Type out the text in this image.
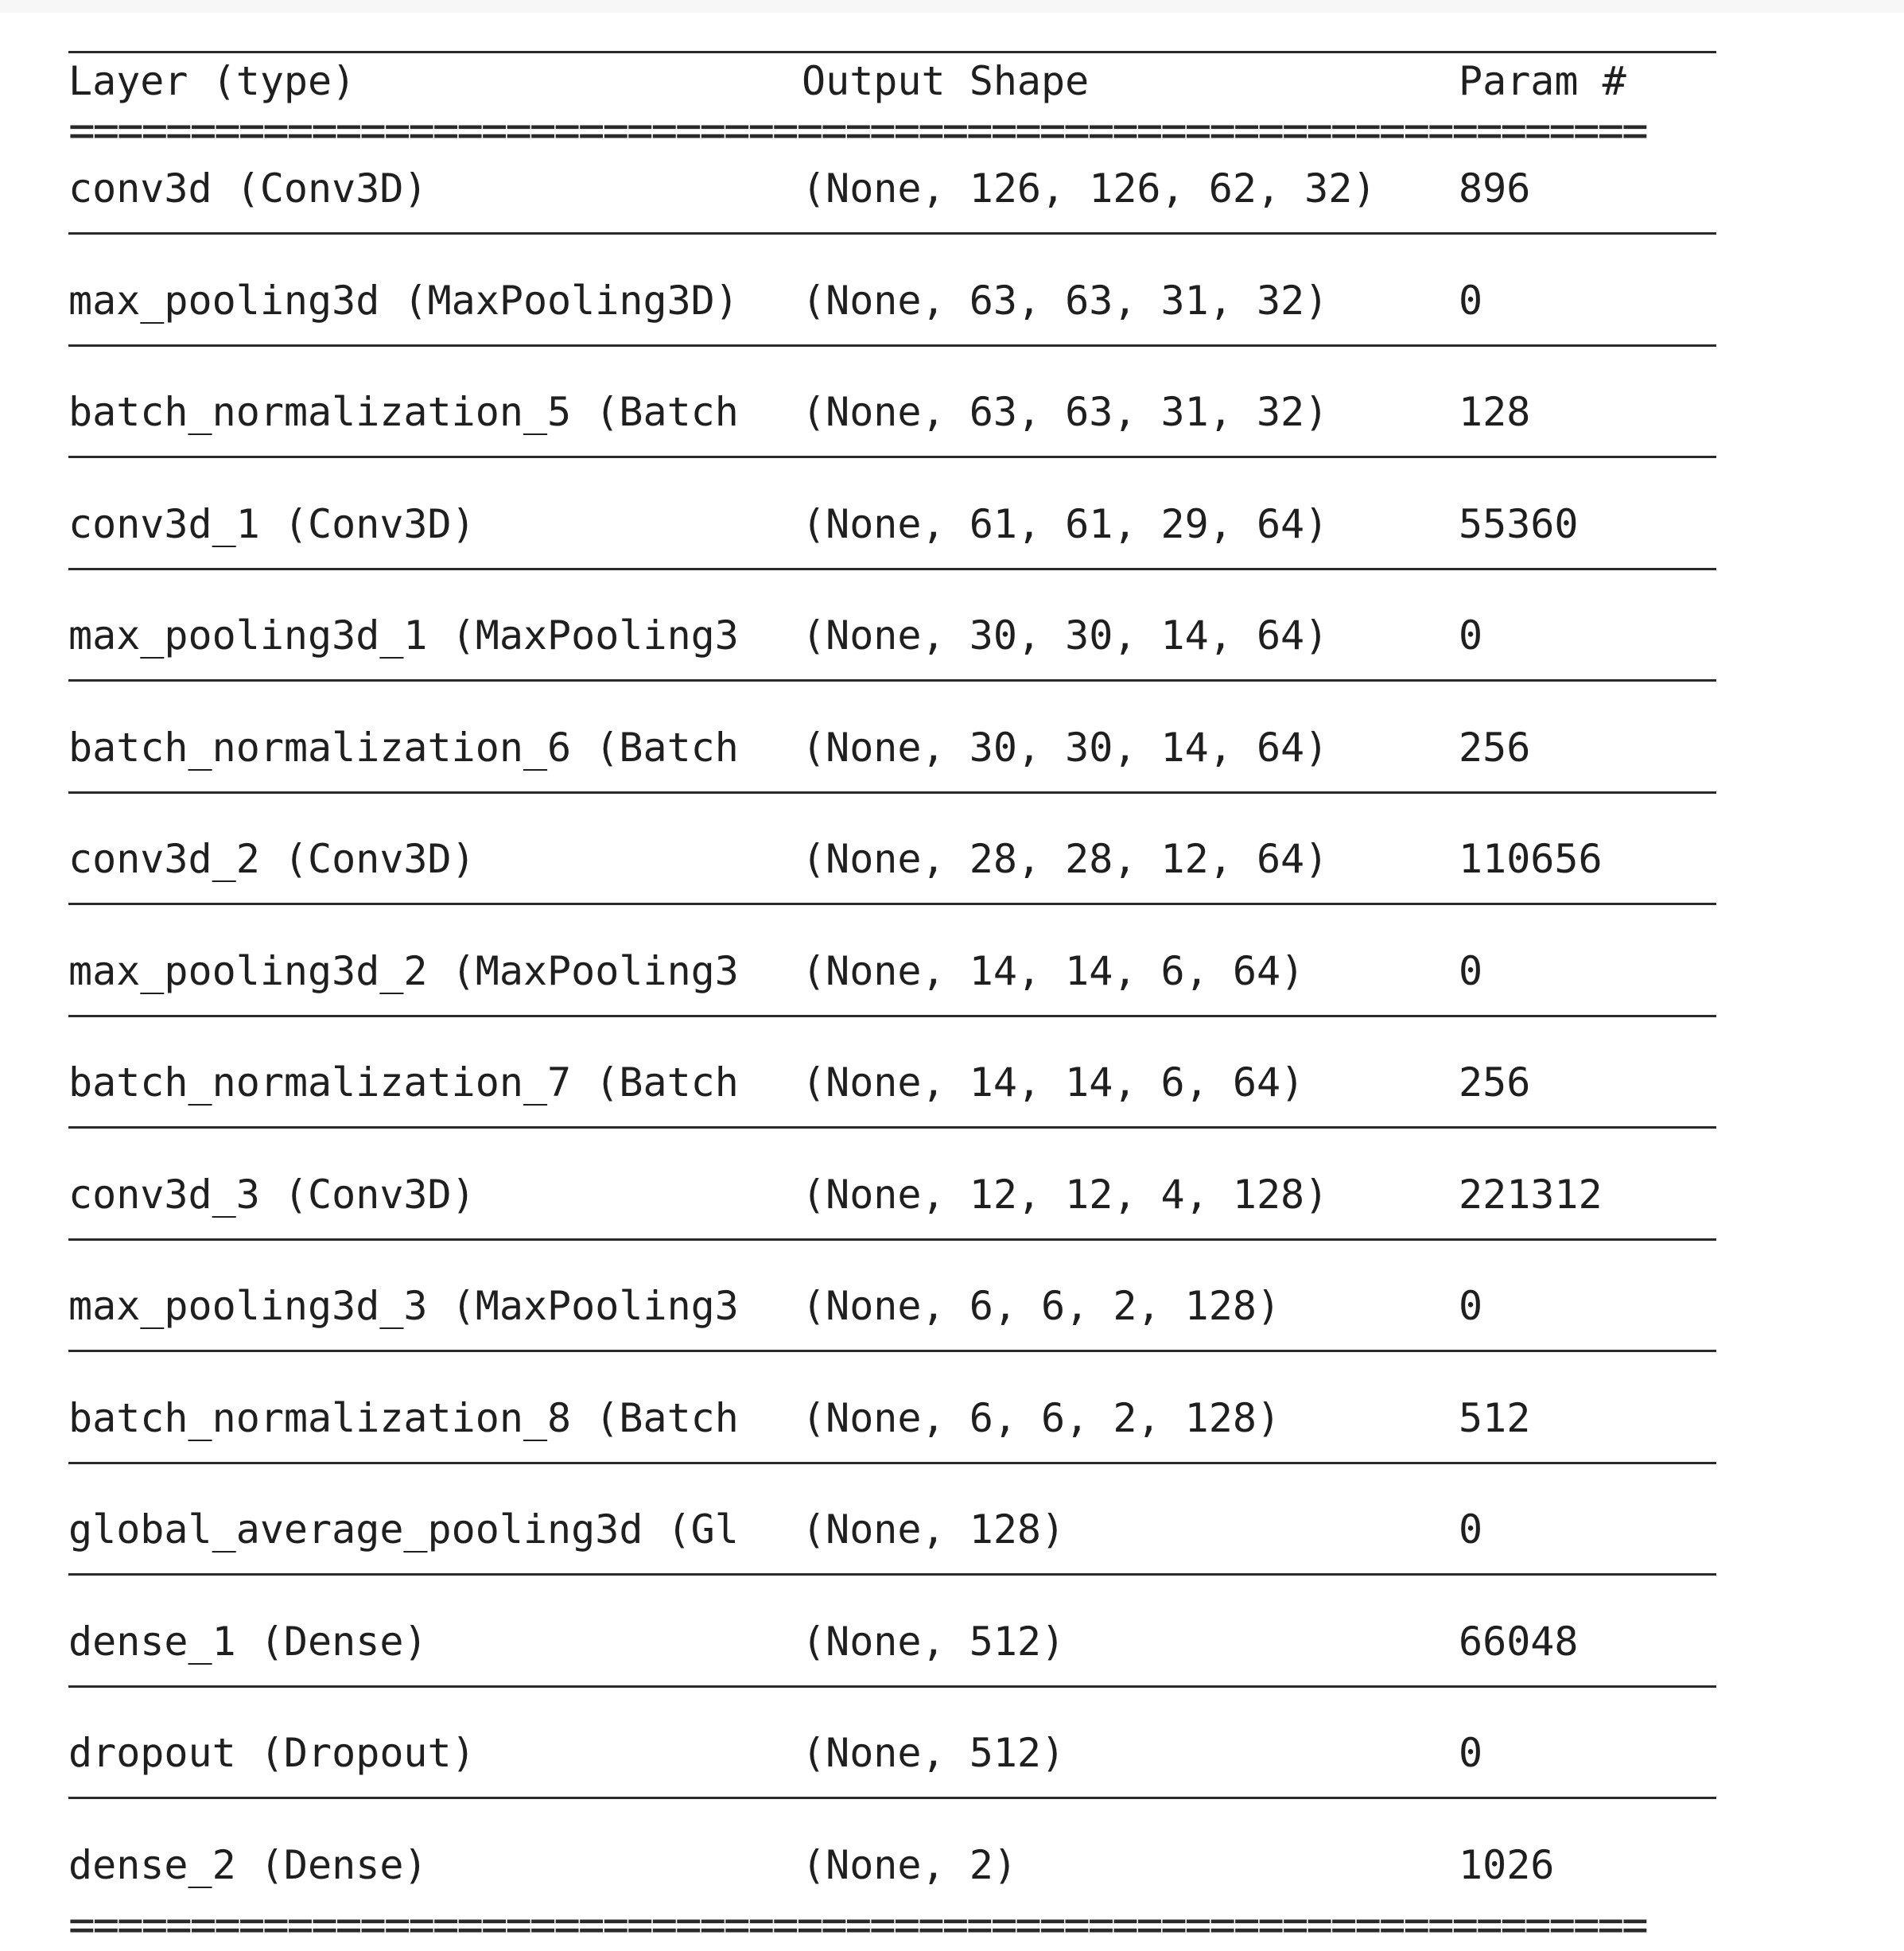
Layer (type)	Output Shape	Param #
=================================================================
conv3d (Conv3D)	(None, 126, 126, 62, 32)	896
max_pooling3d (MaxPooling3D)	(None, 63, 63, 31, 32)	0
batch_normalization_5 (Batch	(None, 63, 63, 31, 32)	128
conv3d_1 (Conv3D)	(None, 61, 61, 29, 64)	55360
max_pooling3d_1 (MaxPooling3	(None, 30, 30, 14, 64)	0
batch_normalization_6 (Batch	(None, 30, 30, 14, 64)	256
conv3d_2 (Conv3D)	(None, 28, 28, 12, 64)	110656
max_pooling3d_2 (MaxPooling3	(None, 14, 14, 6, 64)	0
batch_normalization_7 (Batch	(None, 14, 14, 6, 64)	256
conv3d_3 (Conv3D)	(None, 12, 12, 4, 128)	221312
max_pooling3d_3 (MaxPooling3	(None, 6, 6, 2, 128)	0
batch_normalization_8 (Batch	(None, 6, 6, 2, 128)	512
global_average_pooling3d (Gl	(None, 128)	0
dense_1 (Dense)	(None, 512)	66048
dropout (Dropout)	(None, 512)	0
dense_2 (Dense)	(None, 2)	1026
=================================================================
